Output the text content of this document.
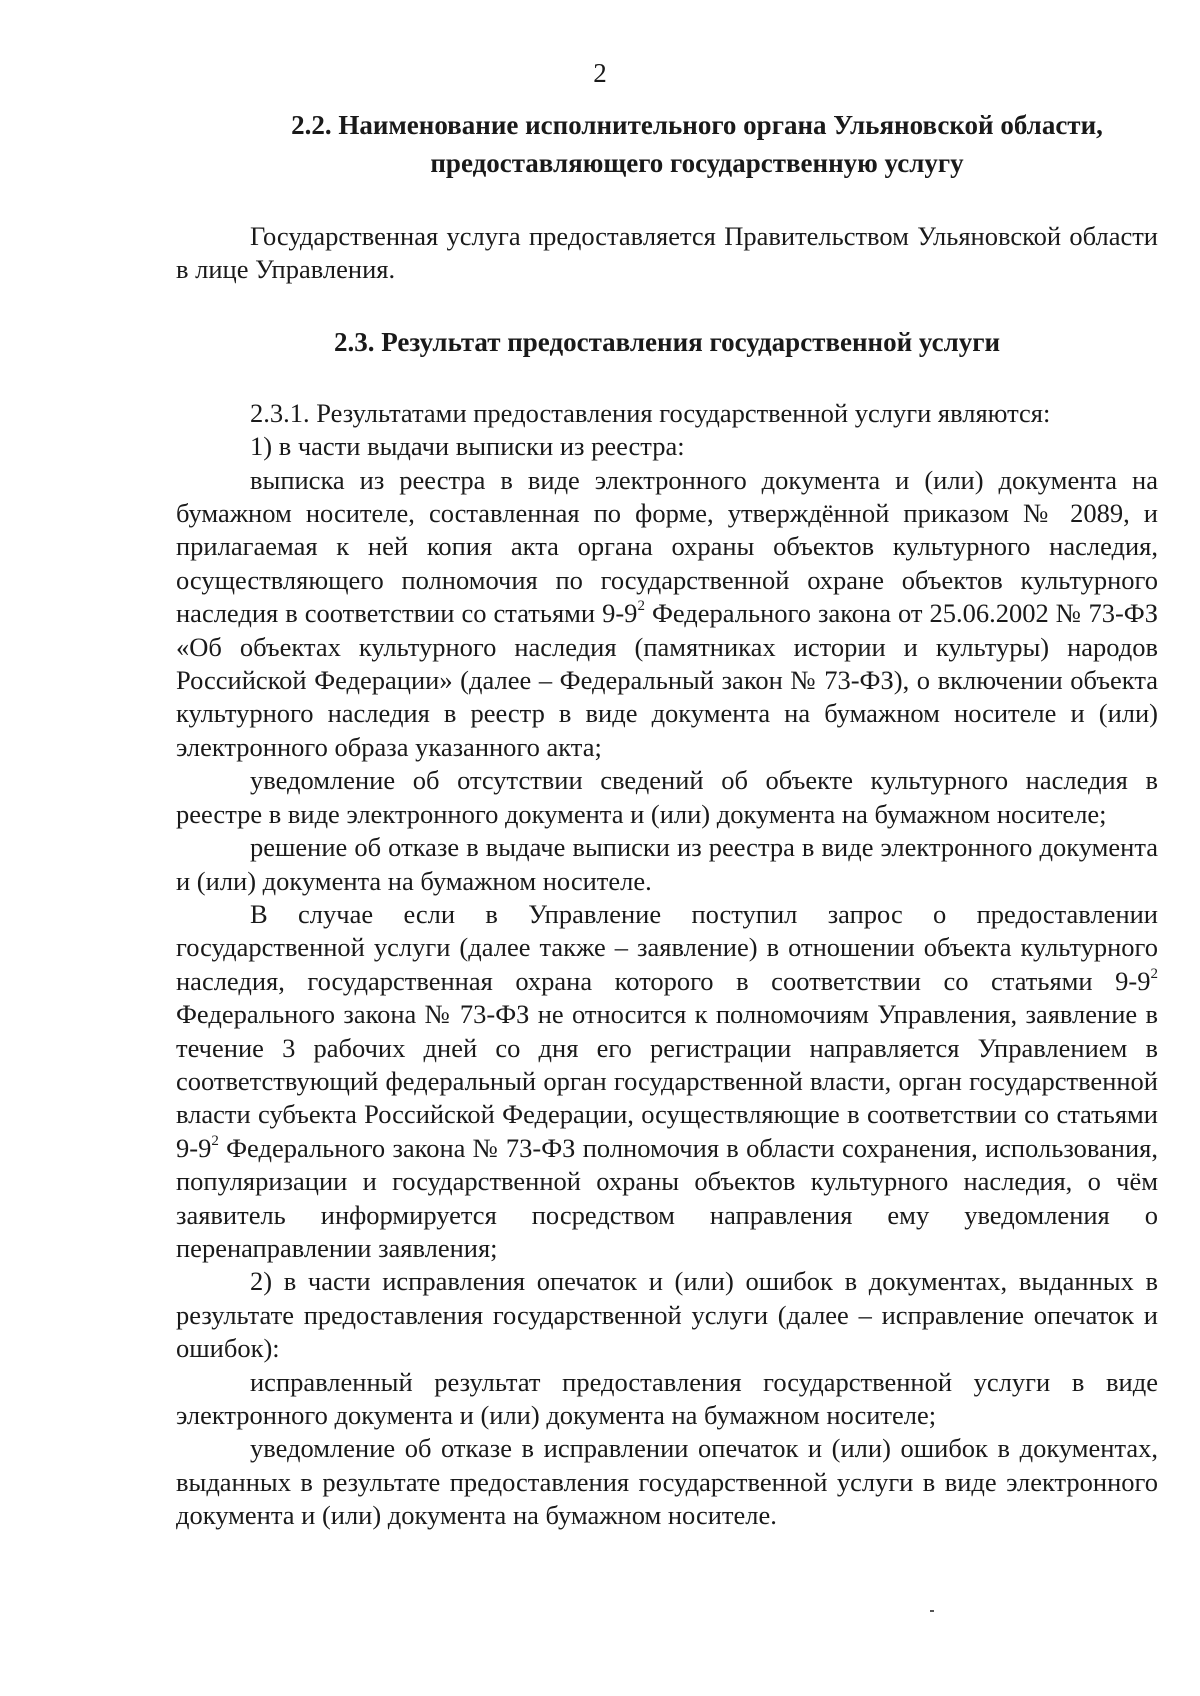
2
2.2. Наименование исполнительного органа Ульяновской области,
предоставляющего государственную услугу

Государственная услуга предоставляется Правительством Ульяновской области в лице Управления.

2.3. Результат предоставления государственной услуги

2.3.1. Результатами предоставления государственной услуги являются:

1) в части выдачи выписки из реестра:

выписка из реестра в виде электронного документа и (или) документа на бумажном носителе, составленная по форме, утверждённой приказом № 2089, и прилагаемая к ней копия акта органа охраны объектов культурного наследия, осуществляющего полномочия по государственной охране объектов культурного наследия в соответствии со статьями $9-9^2$ Федерального закона от 25.06.2002 № 73-ФЗ «Об объектах культурного наследия (памятниках истории и культуры) народов Российской Федерации» (далее – Федеральный закон № 73-ФЗ), о включении объекта культурного наследия в реестр в виде документа на бумажном носителе и (или) электронного образа указанного акта;

уведомление об отсутствии сведений об объекте культурного наследия в реестре в виде электронного документа и (или) документа на бумажном носителе;

решение об отказе в выдаче выписки из реестра в виде электронного документа и (или) документа на бумажном носителе.

В случае если в Управление поступил запрос о предоставлении государственной услуги (далее также – заявление) в отношении объекта культурного наследия, государственная охрана которого в соответствии со статьями $9-9^2$ Федерального закона № 73-ФЗ не относится к полномочиям Управления, заявление в течение 3 рабочих дней со дня его регистрации направляется Управлением в соответствующий федеральный орган государственной власти, орган государственной власти субъекта Российской Федерации, осуществляющие в соответствии со статьями $9-9^2$ Федерального закона № 73-ФЗ полномочия в области сохранения, использования, популяризации и государственной охраны объектов культурного наследия, о чём заявитель информируется посредством направления ему уведомления о перенаправлении заявления;

2) в части исправления опечаток и (или) ошибок в документах, выданных в результате предоставления государственной услуги (далее – исправление опечаток и ошибок):

исправленный результат предоставления государственной услуги в виде электронного документа и (или) документа на бумажном носителе;

уведомление об отказе в исправлении опечаток и (или) ошибок в документах, выданных в результате предоставления государственной услуги в виде электронного документа и (или) документа на бумажном носителе.
